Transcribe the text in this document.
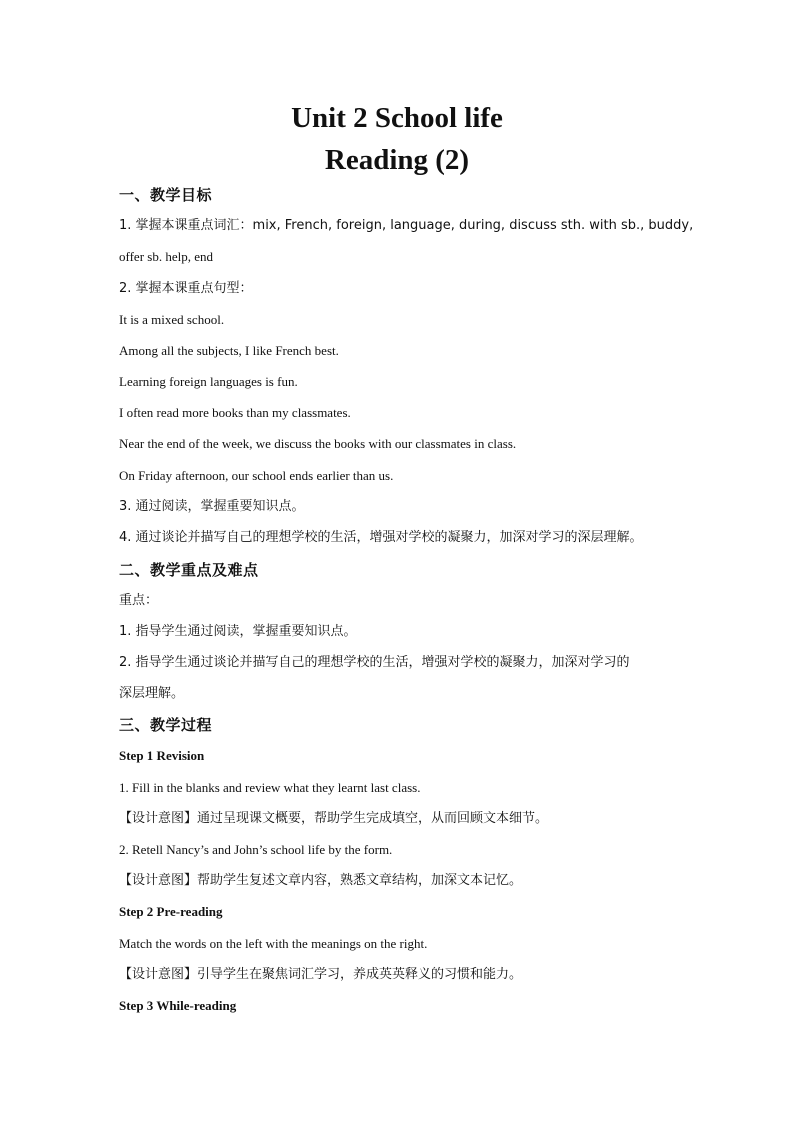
Unit 2 School life
Reading (2)
一、教学目标
1. 掌握本课重点词汇：mix, French, foreign, language, during, discuss sth. with sb., buddy,
offer sb. help, end
2. 掌握本课重点句型：
It is a mixed school.
Among all the subjects, I like French best.
Learning foreign languages is fun.
I often read more books than my classmates.
Near the end of the week, we discuss the books with our classmates in class.
On Friday afternoon, our school ends earlier than us.
3. 通过阅读，掌握重要知识点。
4. 通过谈论并描写自己的理想学校的生活，增强对学校的凝聚力，加深对学习的深层理解。
二、教学重点及难点
重点：
1. 指导学生通过阅读，掌握重要知识点。
2. 指导学生通过谈论并描写自己的理想学校的生活，增强对学校的凝聚力，加深对学习的
深层理解。
三、教学过程
Step 1 Revision
1. Fill in the blanks and review what they learnt last class.
【设计意图】通过呈现课文概要，帮助学生完成填空，从而回顾文本细节。
2. Retell Nancy’s and John’s school life by the form.
【设计意图】帮助学生复述文章内容，熟悉文章结构，加深文本记忆。
Step 2 Pre-reading
Match the words on the left with the meanings on the right.
【设计意图】引导学生在聚焦词汇学习，养成英英释义的习惯和能力。
Step 3 While-reading
